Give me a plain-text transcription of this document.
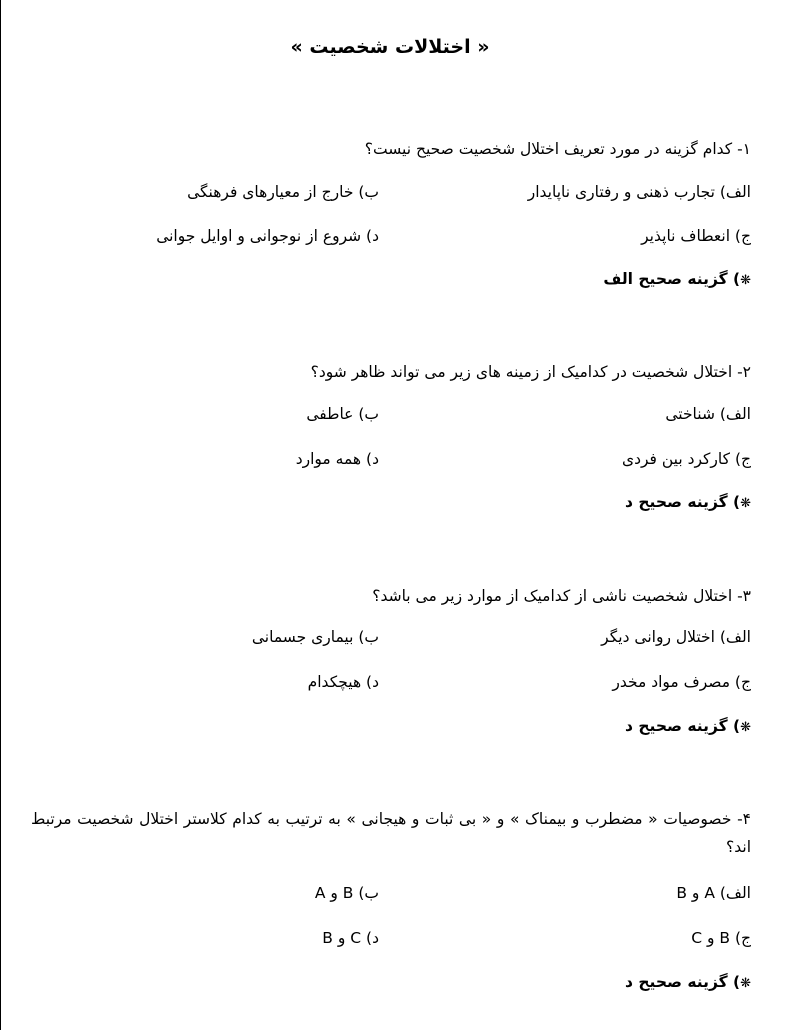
« اختلالات شخصیت »
۱- کدام گزینه در مورد تعریف اختلال شخصیت صحیح نیست؟
الف) تجارب ذهنی و رفتاری ناپایدار
ب) خارج از معیارهای فرهنگی
ج) انعطاف ناپذیر
د) شروع از نوجوانی و اوایل جوانی
❋) گزینه صحیح الف
۲- اختلال شخصیت در کدامیک از زمینه های زیر می تواند ظاهر شود؟
الف) شناختی
ب) عاطفی
ج) کارکرد بین فردی
د) همه موارد
❋) گزینه صحیح د
۳- اختلال شخصیت ناشی از کدامیک از موارد زیر می باشد؟
الف) اختلال روانی دیگر
ب) بیماری جسمانی
ج) مصرف مواد مخدر
د) هیچکدام
❋) گزینه صحیح د
۴- خصوصیات « مضطرب و بیمناک » و « بی ثبات و هیجانی » به ترتیب به کدام کلاستر اختلال شخصیت مرتبط اند؟
الف) A و B
ب) B و A
ج) B و C
د) C و B
❋) گزینه صحیح د
